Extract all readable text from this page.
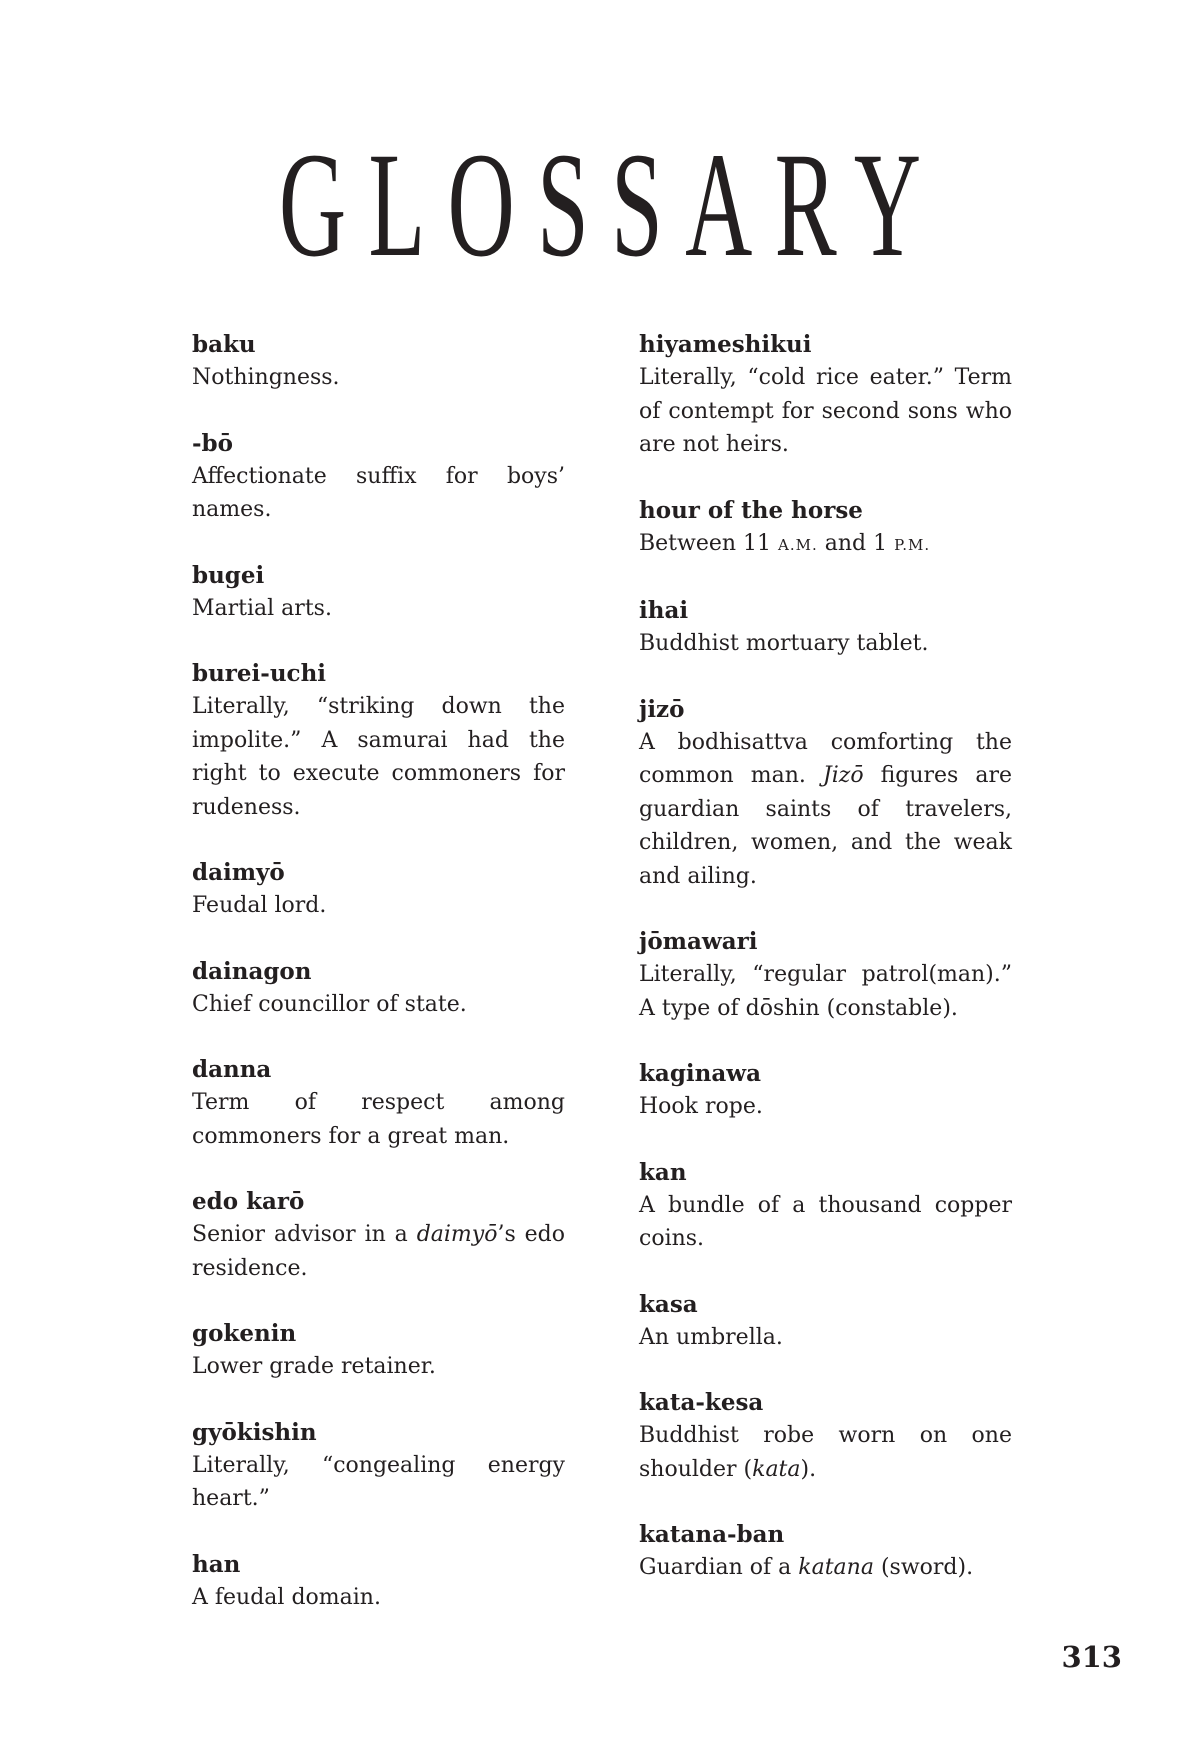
GLOSSARY
baku
Nothingness.
-bō
Affectionate suffix for boys’ names.
bugei
Martial arts.
burei-uchi
Literally, “striking down the impolite.” A samurai had the right to execute commoners for rudeness.
daimyō
Feudal lord.
dainagon
Chief councillor of state.
danna
Term of respect among commoners for a great man.
edo karō
Senior advisor in a daimyō’s edo residence.
gokenin
Lower grade retainer.
gyōkishin
Literally, “congealing energy heart.”
han
A feudal domain.
hiyameshikui
Literally, “cold rice eater.” Term of contempt for second sons who are not heirs.
hour of the horse
Between 11 A.M. and 1 P.M.
ihai
Buddhist mortuary tablet.
jizō
A bodhisattva comforting the common man. Jizō figures are guardian saints of travelers, children, women, and the weak and ailing.
jōmawari
Literally, “regular patrol(man).” A type of dōshin (constable).
kaginawa
Hook rope.
kan
A bundle of a thousand copper coins.
kasa
An umbrella.
kata-kesa
Buddhist robe worn on one shoulder (kata).
katana-ban
Guardian of a katana (sword).
313
